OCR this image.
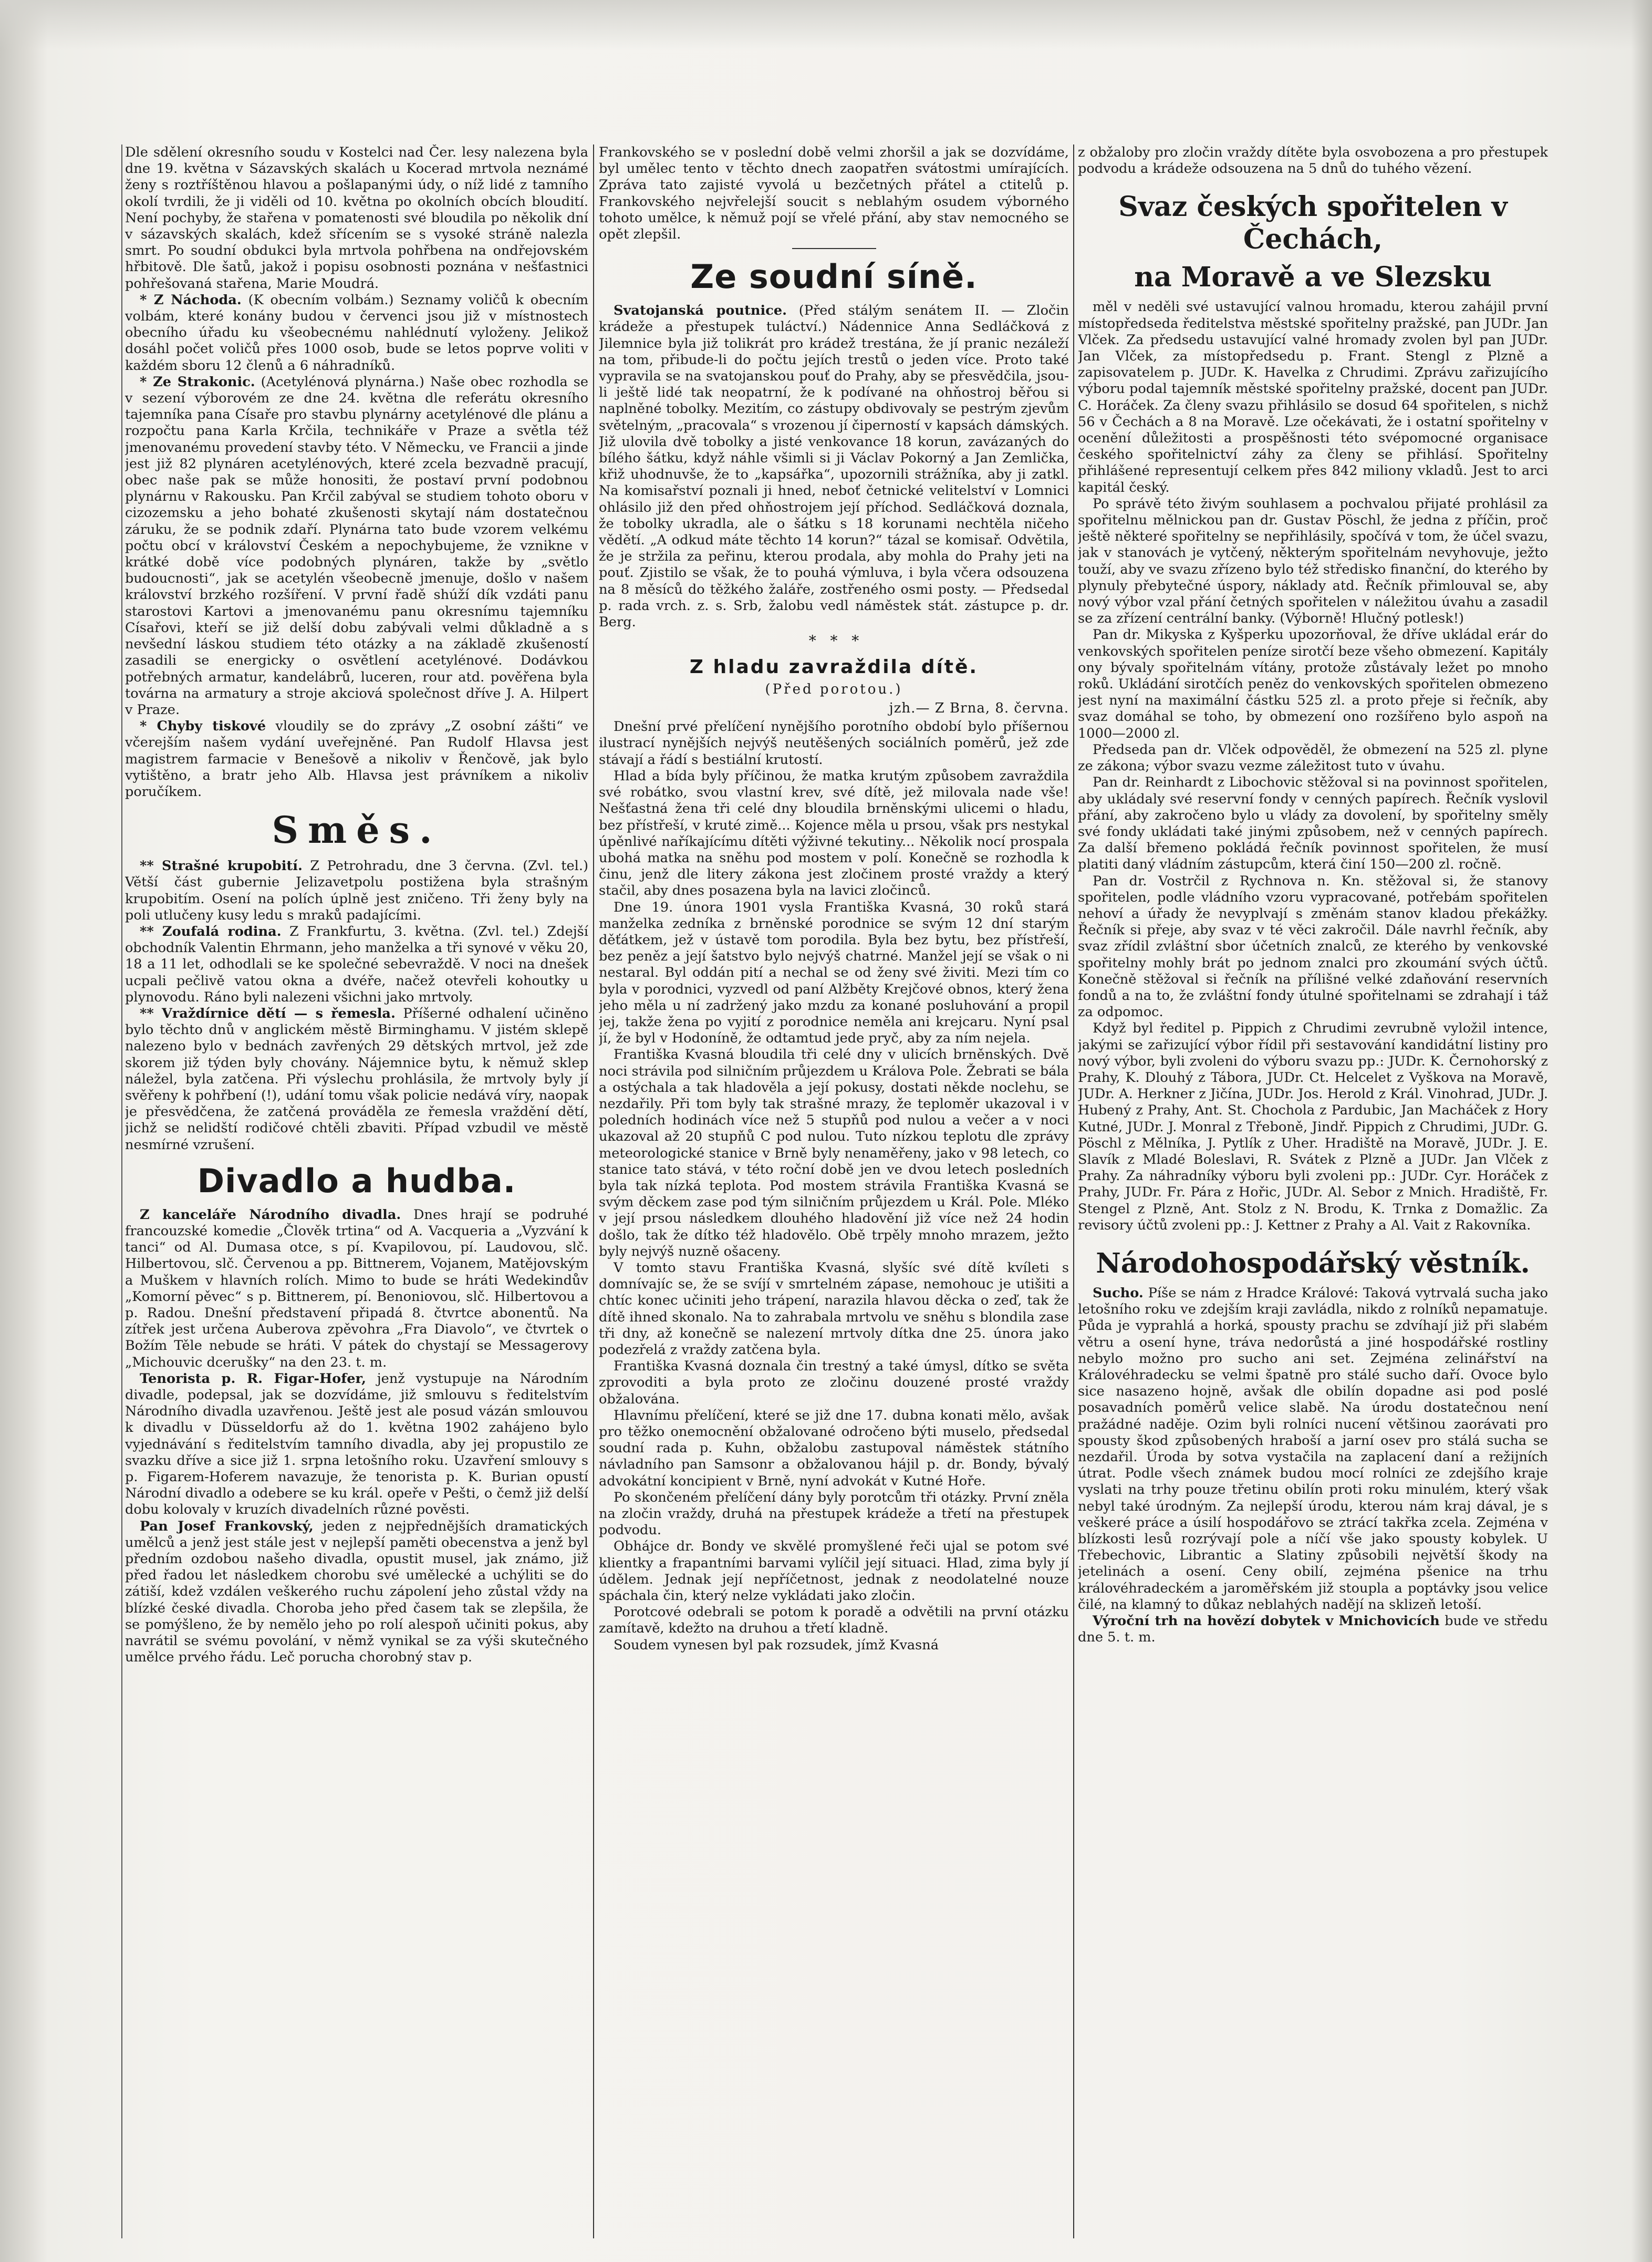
Dle sdělení okresního soudu v Kostelci nad Čer. lesy nalezena byla dne 19. května v Sázavských skalách u Kocerad mrtvola neznámé ženy s roztříštěnou hlavou a pošlapanými údy, o níž lidé z tamního okolí tvrdili, že ji viděli od 10. května po okolních obcích bloudití. Není pochyby, že stařena v pomatenosti své bloudila po několik dní v sázavských skalách, kdež sřícením se s vysoké stráně nalezla smrt. Po soudní obdukci byla mrtvola pohřbena na ondřejovském hřbitově. Dle šatů, jakož i popisu osobnosti poznána v nešťastnici pohřešovaná stařena, Marie Moudrá.

* Z Náchoda. (K obecním volbám.) Seznamy voličů k obecním volbám, které konány budou v červenci jsou již v místnostech obecního úřadu ku všeobecnému nahlédnutí vyloženy. Jelikož dosáhl počet voličů přes 1000 osob, bude se letos poprve voliti v každém sboru 12 členů a 6 náhradníků.

* Ze Strakonic. (Acetylénová plynárna.) Naše obec rozhodla se v sezení výborovém ze dne 24. května dle referátu okresního tajemníka pana Císaře pro stavbu plynárny acetylénové dle plánu a rozpočtu pana Karla Krčila, technikáře v Praze a světla též jmenovanému provedení stavby této. V Německu, ve Francii a jinde jest již 82 plynáren acetylénových, které zcela bezvadně pracují, obec naše pak se může honositi, že postaví první podobnou plynárnu v Rakousku. Pan Krčil zabýval se studiem tohoto oboru v cizozemsku a jeho bohaté zkušenosti skytají nám dostatečnou záruku, že se podnik zdaří. Plynárna tato bude vzorem velkému počtu obcí v království Českém a nepochybujeme, že vznikne v krátké době více podobných plynáren, takže by „světlo budoucnosti“, jak se acetylén všeobecně jmenuje, došlo v našem království brzkého rozšíření. V první řadě shúží dík vzdáti panu starostovi Kartovi a jmenovanému panu okresnímu tajemníku Císařovi, kteří se již delší dobu zabývali velmi důkladně a s nevšední láskou studiem této otázky a na základě zkušeností zasadili se energicky o osvětlení acetylénové. Dodávkou potřebných armatur, kandelábrů, luceren, rour atd. pověřena byla továrna na armatury a stroje akciová společnost dříve J. A. Hilpert v Praze.

* Chyby tiskové vloudily se do zprávy „Z osobní zášti“ ve včerejším našem vydání uveřejněné. Pan Rudolf Hlavsa jest magistrem farmacie v Benešově a nikoliv v Řenčově, jak bylo vytištěno, a bratr jeho Alb. Hlavsa jest právníkem a nikoliv poručíkem.

Směs.

** Strašné krupobití. Z Petrohradu, dne 3 června. (Zvl. tel.) Větší část gubernie Jelizavetpolu postižena byla strašným krupobitím. Osení na polích úplně jest zničeno. Tři ženy byly na poli utlučeny kusy ledu s mraků padajícími.

** Zoufalá rodina. Z Frankfurtu, 3. května. (Zvl. tel.) Zdejší obchodník Valentin Ehrmann, jeho manželka a tři synové v věku 20, 18 a 11 let, odhodlali se ke společné sebevraždě. V noci na dnešek ucpali pečlivě vatou okna a dvéře, načež otevřeli kohoutky u plynovodu. Ráno byli nalezeni všichni jako mrtvoly.

** Vraždírnice dětí — s řemesla. Příšerné odhalení učiněno bylo těchto dnů v anglickém městě Birminghamu. V jistém sklepě nalezeno bylo v bednách zavřených 29 dětských mrtvol, jež zde skorem již týden byly chovány. Nájemnice bytu, k němuž sklep náležel, byla zatčena. Při výslechu prohlásila, že mrtvoly byly jí svěřeny k pohřbení (!), udání tomu však policie nedává víry, naopak je přesvědčena, že zatčená prováděla ze řemesla vraždění dětí, jichž se nelidští rodičové chtěli zbaviti. Případ vzbudil ve městě nesmírné vzrušení.

Divadlo a hudba.

Z kanceláře Národního divadla. Dnes hrají se podruhé francouzské komedie „Člověk trtina“ od A. Vacqueria a „Vyzvání k tanci“ od Al. Dumasa otce, s pí. Kvapilovou, pí. Laudovou, slč. Hilbertovou, slč. Červenou a pp. Bittnerem, Vojanem, Matějovským a Muškem v hlavních rolích. Mimo to bude se hráti Wedekindův „Komorní pěvec“ s p. Bittnerem, pí. Benoniovou, slč. Hilbertovou a p. Radou. Dnešní představení připadá 8. čtvrtce abonentů. Na zítřek jest určena Auberova zpěvohra „Fra Diavolo“, ve čtvrtek o Božím Těle nebude se hráti. V pátek do chystají se Messagerovy „Michouvic dcerušky“ na den 23. t. m.

Tenorista p. R. Figar-Hofer, jenž vystupuje na Národním divadle, podepsal, jak se dozvídáme, již smlouvu s ředitelstvím Národního divadla uzavřenou. Ještě jest ale posud vázán smlouvou k divadlu v Düsseldorfu až do 1. května 1902 zahájeno bylo vyjednávání s ředitelstvím tamního divadla, aby jej propustilo ze svazku dříve a sice již 1. srpna letošního roku. Uzavření smlouvy s p. Figarem-Hoferem navazuje, že tenorista p. K. Burian opustí Národní divadlo a odebere se ku král. opeře v Pešti, o čemž již delší dobu kolovaly v kruzích divadelních různé pověsti.

Pan Josef Frankovský, jeden z nejpřednějších dramatických umělců a jenž jest stále jest v nejlepší paměti obecenstva a jenž byl předním ozdobou našeho divadla, opustit musel, jak známo, již před řadou let následkem chorobu své umělecké a uchýliti se do zátiší, kdež vzdálen veškerého ruchu zápolení jeho zůstal vždy na blízké české divadla. Choroba jeho před časem tak se zlepšila, že se pomýšleno, že by nemělo jeho po rolí alespoň učiniti pokus, aby navrátil se svému povolání, v němž vynikal se za výši skutečného umělce prvého řádu. Leč porucha chorobný stav p.

Frankovského se v poslední době velmi zhoršil a jak se dozvídáme, byl umělec tento v těchto dnech zaopatřen svátostmi umírajících. Zpráva tato zajisté vyvolá u bezčetných přátel a ctitelů p. Frankovského nejvřelejší soucit s neblahým osudem výborného tohoto umělce, k němuž pojí se vřelé přání, aby stav nemocného se opět zlepšil.

Ze soudní síně.

Svatojanská poutnice. (Před stálým senátem II. — Zločin krádeže a přestupek tuláctví.) Nádennice Anna Sedláčková z Jilemnice byla již tolikrát pro krádež trestána, že jí pranic nezáleží na tom, přibude-li do počtu jejích trestů o jeden více. Proto také vypravila se na svatojanskou pouť do Prahy, aby se přesvědčila, jsou-li ještě lidé tak neopatrní, že k podívané na ohňostroj běřou si naplněné tobolky. Mezitím, co zástupy obdivovaly se pestrým zjevům světelným, „pracovala“ s vrozenou jí čiperností v kapsách dámských. Již ulovila dvě tobolky a jisté venkovance 18 korun, zavázaných do bílého šátku, když náhle všimli si ji Václav Pokorný a Jan Zemlička, křiž uhodnuvše, že to „kapsářka“, upozornili strážníka, aby ji zatkl. Na komisařství poznali ji hned, neboť četnické velitelství v Lomnici ohlásilo již den před ohňostrojem její příchod. Sedláčková doznala, že tobolky ukradla, ale o šátku s 18 korunami nechtěla ničeho vědětí. „A odkud máte těchto 14 korun?“ tázal se komisař. Odvětila, že je stržila za peřinu, kterou prodala, aby mohla do Prahy jeti na pouť. Zjistilo se však, že to pouhá výmluva, i byla včera odsouzena na 8 měsíců do těžkého žaláře, zostřeného osmi posty. — Předsedal p. rada vrch. z. s. Srb, žalobu vedl náměstek stát. zástupce p. dr. Berg.

*   *   *
Z hladu zavraždila dítě.
(Před porotou.)
jzh.— Z Brna, 8. června.

Dnešní prvé přelíčení nynějšího porotního období bylo příšernou ilustrací nynějších nejvýš neutěšených sociálních poměrů, jež zde stávají a řádí s bestiální krutostí.

Hlad a bída byly příčinou, že matka krutým způsobem zavraždila své robátko, svou vlastní krev, své dítě, jež milovala nade vše! Nešťastná žena tři celé dny bloudila brněnskými ulicemi o hladu, bez přístřeší, v kruté zimě... Kojence měla u prsou, však prs nestykal úpěnlivé naříkajícímu dítěti výživné tekutiny... Několik nocí prospala ubohá matka na sněhu pod mostem v polí. Konečně se rozhodla k činu, jenž dle litery zákona jest zločinem prosté vraždy a který stačil, aby dnes posazena byla na lavici zločinců.

Dne 19. února 1901 vysla Františka Kvasná, 30 roků stará manželka zedníka z brněnské porodnice se svým 12 dní starým děťátkem, jež v ústavě tom porodila. Byla bez bytu, bez přístřeší, bez peněz a její šatstvo bylo nejvýš chatrné. Manžel její se však o ni nestaral. Byl oddán pití a nechal se od ženy své živiti. Mezi tím co byla v porodnici, vyzvedl od paní Alžběty Krejčové obnos, který žena jeho měla u ní zadržený jako mzdu za konané posluhování a propil jej, takže žena po vyjití z porodnice neměla ani krejcaru. Nyní psal jí, že byl v Hodoníně, že odtamtud jede pryč, aby za ním nejela.

Františka Kvasná bloudila tři celé dny v ulicích brněnských. Dvě noci strávila pod silničním průjezdem u Králova Pole. Žebrati se bála a ostýchala a tak hladověla a její pokusy, dostati někde noclehu, se nezdařily. Při tom byly tak strašné mrazy, že teploměr ukazoval i v poledních hodinách více než 5 stupňů pod nulou a večer a v noci ukazoval až 20 stupňů C pod nulou. Tuto nízkou teplotu dle zprávy meteorologické stanice v Brně byly nenaměřeny, jako v 98 letech, co stanice tato stává, v této roční době jen ve dvou letech posledních byla tak nízká teplota. Pod mostem strávila Františka Kvasná se svým děckem zase pod tým silničním průjezdem u Král. Pole. Mléko v její prsou následkem dlouhého hladovění již více než 24 hodin došlo, tak že dítko též hladovělo. Obě trpěly mnoho mrazem, ježto byly nejvýš nuzně ošaceny.

V tomto stavu Františka Kvasná, slyšíc své dítě kvíleti s domnívajíc se, že se svíjí v smrtelném zápase, nemohouc je utišiti a chtíc konec učiniti jeho trápení, narazila hlavou děcka o zeď, tak že dítě ihned skonalo. Na to zahrabala mrtvolu ve sněhu s blondila zase tři dny, až konečně se nalezení mrtvoly dítka dne 25. února jako podezřelá z vraždy zatčena byla.

Františka Kvasná doznala čin trestný a také úmysl, dítko se světa zprovoditi a byla proto ze zločinu douzené prosté vraždy obžalována.

Hlavnímu přelíčení, které se již dne 17. dubna konati mělo, avšak pro těžko onemocnění obžalované odročeno býti muselo, předsedal soudní rada p. Kuhn, obžalobu zastupoval náměstek státního návladního pan Samsonr a obžalovanou hájil p. dr. Bondy, bývalý advokátní koncipient v Brně, nyní advokát v Kutné Hoře.

Po skončeném přelíčení dány byly porotcům tři otázky. První zněla na zločin vraždy, druhá na přestupek krádeže a třetí na přestupek podvodu.

Obhájce dr. Bondy ve skvělé promyšlené řeči ujal se potom své klientky a frapantními barvami vylíčil její situaci. Hlad, zima byly jí údělem. Jednak její nepříčetnost, jednak z neodolatelné nouze spáchala čin, který nelze vykládati jako zločin.

Porotcové odebrali se potom k poradě a odvětili na první otázku zamítavě, kdežto na druhou a třetí kladně.

Soudem vynesen byl pak rozsudek, jímž Kvasná

z obžaloby pro zločin vraždy dítěte byla osvobozena a pro přestupek podvodu a krádeže odsouzena na 5 dnů do tuhého vězení.

Svaz českých spořitelen v Čechách,
na Moravě a ve Slezsku

měl v neděli své ustavující valnou hromadu, kterou zahájil první místopředseda ředitelstva městské spořitelny pražské, pan JUDr. Jan Vlček. Za předsedu ustavující valné hromady zvolen byl pan JUDr. Jan Vlček, za místopředsedu p. Frant. Stengl z Plzně a zapisovatelem p. JUDr. K. Havelka z Chrudimi. Zprávu zařizujícího výboru podal tajemník městské spořitelny pražské, docent pan JUDr. C. Horáček. Za členy svazu přihlásilo se dosud 64 spořitelen, s nichž 56 v Čechách a 8 na Moravě. Lze očekávati, že i ostatní spořitelny v ocenění důležitosti a prospěšnosti této svépomocné organisace českého spořitelnictví záhy za členy se přihlásí. Spořitelny přihlášené representují celkem přes 842 miliony vkladů. Jest to arci kapitál český.

Po správě této živým souhlasem a pochvalou přijaté prohlásil za spořitelnu mělnickou pan dr. Gustav Pöschl, že jedna z příčin, proč ještě některé spořitelny se nepřihlásily, spočívá v tom, že účel svazu, jak v stanovách je vytčený, některým spořitelnám nevyhovuje, ježto touží, aby ve svazu zřízeno bylo též středisko finanční, do kterého by plynuly přebytečné úspory, náklady atd. Řečník přimlouval se, aby nový výbor vzal přání četných spořitelen v náležitou úvahu a zasadil se za zřízení centrální banky. (Výborně! Hlučný potlesk!)

Pan dr. Mikyska z Kyšperku upozorňoval, že dříve ukládal erár do venkovských spořitelen peníze sirotčí beze všeho obmezení. Kapitály ony bývaly spořitelnám vítány, protože zůstávaly ležet po mnoho roků. Ukládání sirotčích peněz do venkovských spořitelen obmezeno jest nyní na maximální částku 525 zl. a proto přeje si řečník, aby svaz domáhal se toho, by obmezení ono rozšířeno bylo aspoň na 1000—2000 zl.

Předseda pan dr. Vlček odpověděl, že obmezení na 525 zl. plyne ze zákona; výbor svazu vezme záležitost tuto v úvahu.

Pan dr. Reinhardt z Libochovic stěžoval si na povinnost spořitelen, aby ukládaly své reservní fondy v cenných papírech. Řečník vyslovil přání, aby zakročeno bylo u vlády za dovolení, by spořitelny směly své fondy ukládati také jinými způsobem, než v cenných papírech. Za další břemeno pokládá řečník povinnost spořitelen, že musí platiti daný vládním zástupcům, která činí 150—200 zl. ročně.

Pan dr. Vostrčil z Rychnova n. Kn. stěžoval si, že stanovy spořitelen, podle vládního vzoru vypracované, potřebám spořitelen nehoví a úřady že nevyplvají s změnám stanov kladou překážky. Řečník si přeje, aby svaz v té věci zakročil. Dále navrhl řečník, aby svaz zřídil zvláštní sbor účetních znalců, ze kterého by venkovské spořitelny mohly brát po jednom znalci pro zkoumání svých účtů. Konečně stěžoval si řečník na přílišné velké zdaňování reservních fondů a na to, že zvláštní fondy útulné spořitelnami se zdrahají i táž za odpomoc.

Když byl ředitel p. Pippich z Chrudimi zevrubně vyložil intence, jakými se zařizující výbor řídil při sestavování kandidátní listiny pro nový výbor, byli zvoleni do výboru svazu pp.: JUDr. K. Černohorský z Prahy, K. Dlouhý z Tábora, JUDr. Ct. Helcelet z Vyškova na Moravě, JUDr. A. Herkner z Jičína, JUDr. Jos. Herold z Král. Vinohrad, JUDr. J. Hubený z Prahy, Ant. St. Chochola z Pardubic, Jan Macháček z Hory Kutné, JUDr. J. Monral z Třeboně, Jindř. Pippich z Chrudimi, JUDr. G. Pöschl z Mělníka, J. Pytlík z Uher. Hradiště na Moravě, JUDr. J. E. Slavík z Mladé Boleslavi, R. Svátek z Plzně a JUDr. Jan Vlček z Prahy. Za náhradníky výboru byli zvoleni pp.: JUDr. Cyr. Horáček z Prahy, JUDr. Fr. Pára z Hořic, JUDr. Al. Sebor z Mnich. Hradiště, Fr. Stengel z Plzně, Ant. Stolz z N. Brodu, K. Trnka z Domažlic. Za revisory účtů zvoleni pp.: J. Kettner z Prahy a Al. Vait z Rakovníka.

Národohospodářský věstník.

Sucho. Píše se nám z Hradce Králové: Taková vytrvalá sucha jako letošního roku ve zdejším kraji zavládla, nikdo z rolníků nepamatuje. Půda je vyprahlá a horká, spousty prachu se zdvíhají již při slabém větru a osení hyne, tráva nedorůstá a jiné hospodářské rostliny nebylo možno pro sucho ani set. Zejména zelinářství na Královéhradecku se velmi špatně pro stálé sucho daří. Ovoce bylo sice nasazeno hojně, avšak dle obilín dopadne asi pod poslé posavadních poměrů velice slabě. Na úrodu dostatečnou není pražádné naděje. Ozim byli rolníci nucení většinou zaorávati pro spousty škod způsobených hraboší a jarní osev pro stálá sucha se nezdařil. Úroda by sotva vystačila na zaplacení daní a režijních útrat. Podle všech známek budou mocí rolníci ze zdejšího kraje vyslati na trhy pouze třetinu obilín proti roku minulém, který však nebyl také úrodným. Za nejlepší úrodu, kterou nám kraj dával, je s veškeré práce a úsilí hospodářovo se ztrácí takřka zcela. Zejména v blízkosti lesů rozrývají pole a níčí vše jako spousty kobylek. U Třebechovic, Librantic a Slatiny způsobili největší škody na jetelinách a osení. Ceny obilí, zejména pšenice na trhu královéhradeckém a jaroměřském již stoupla a poptávky jsou velice čilé, na klamný to důkaz neblahých nadějí na sklizeň letoší.

Výroční trh na hovězí dobytek v Mnichovicích bude ve středu dne 5. t. m.
